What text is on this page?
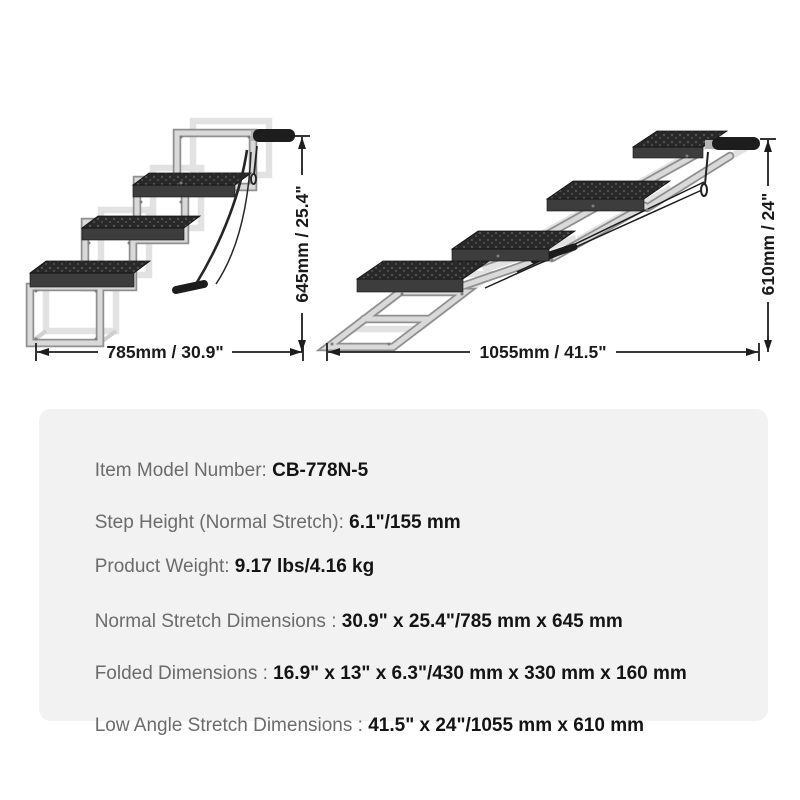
785mm / 30.9"
645mm / 25.4"
1055mm / 41.5"
610mm / 24"

Item Model Number: CB-778N-5

Step Height (Normal Stretch): 6.1"/155 mm

Product Weight: 9.17 lbs/4.16 kg

Normal Stretch Dimensions : 30.9" x 25.4"/785 mm x 645 mm

Folded Dimensions : 16.9" x 13" x 6.3"/430 mm x 330 mm x 160 mm

Low Angle Stretch Dimensions : 41.5" x 24"/1055 mm x 610 mm
